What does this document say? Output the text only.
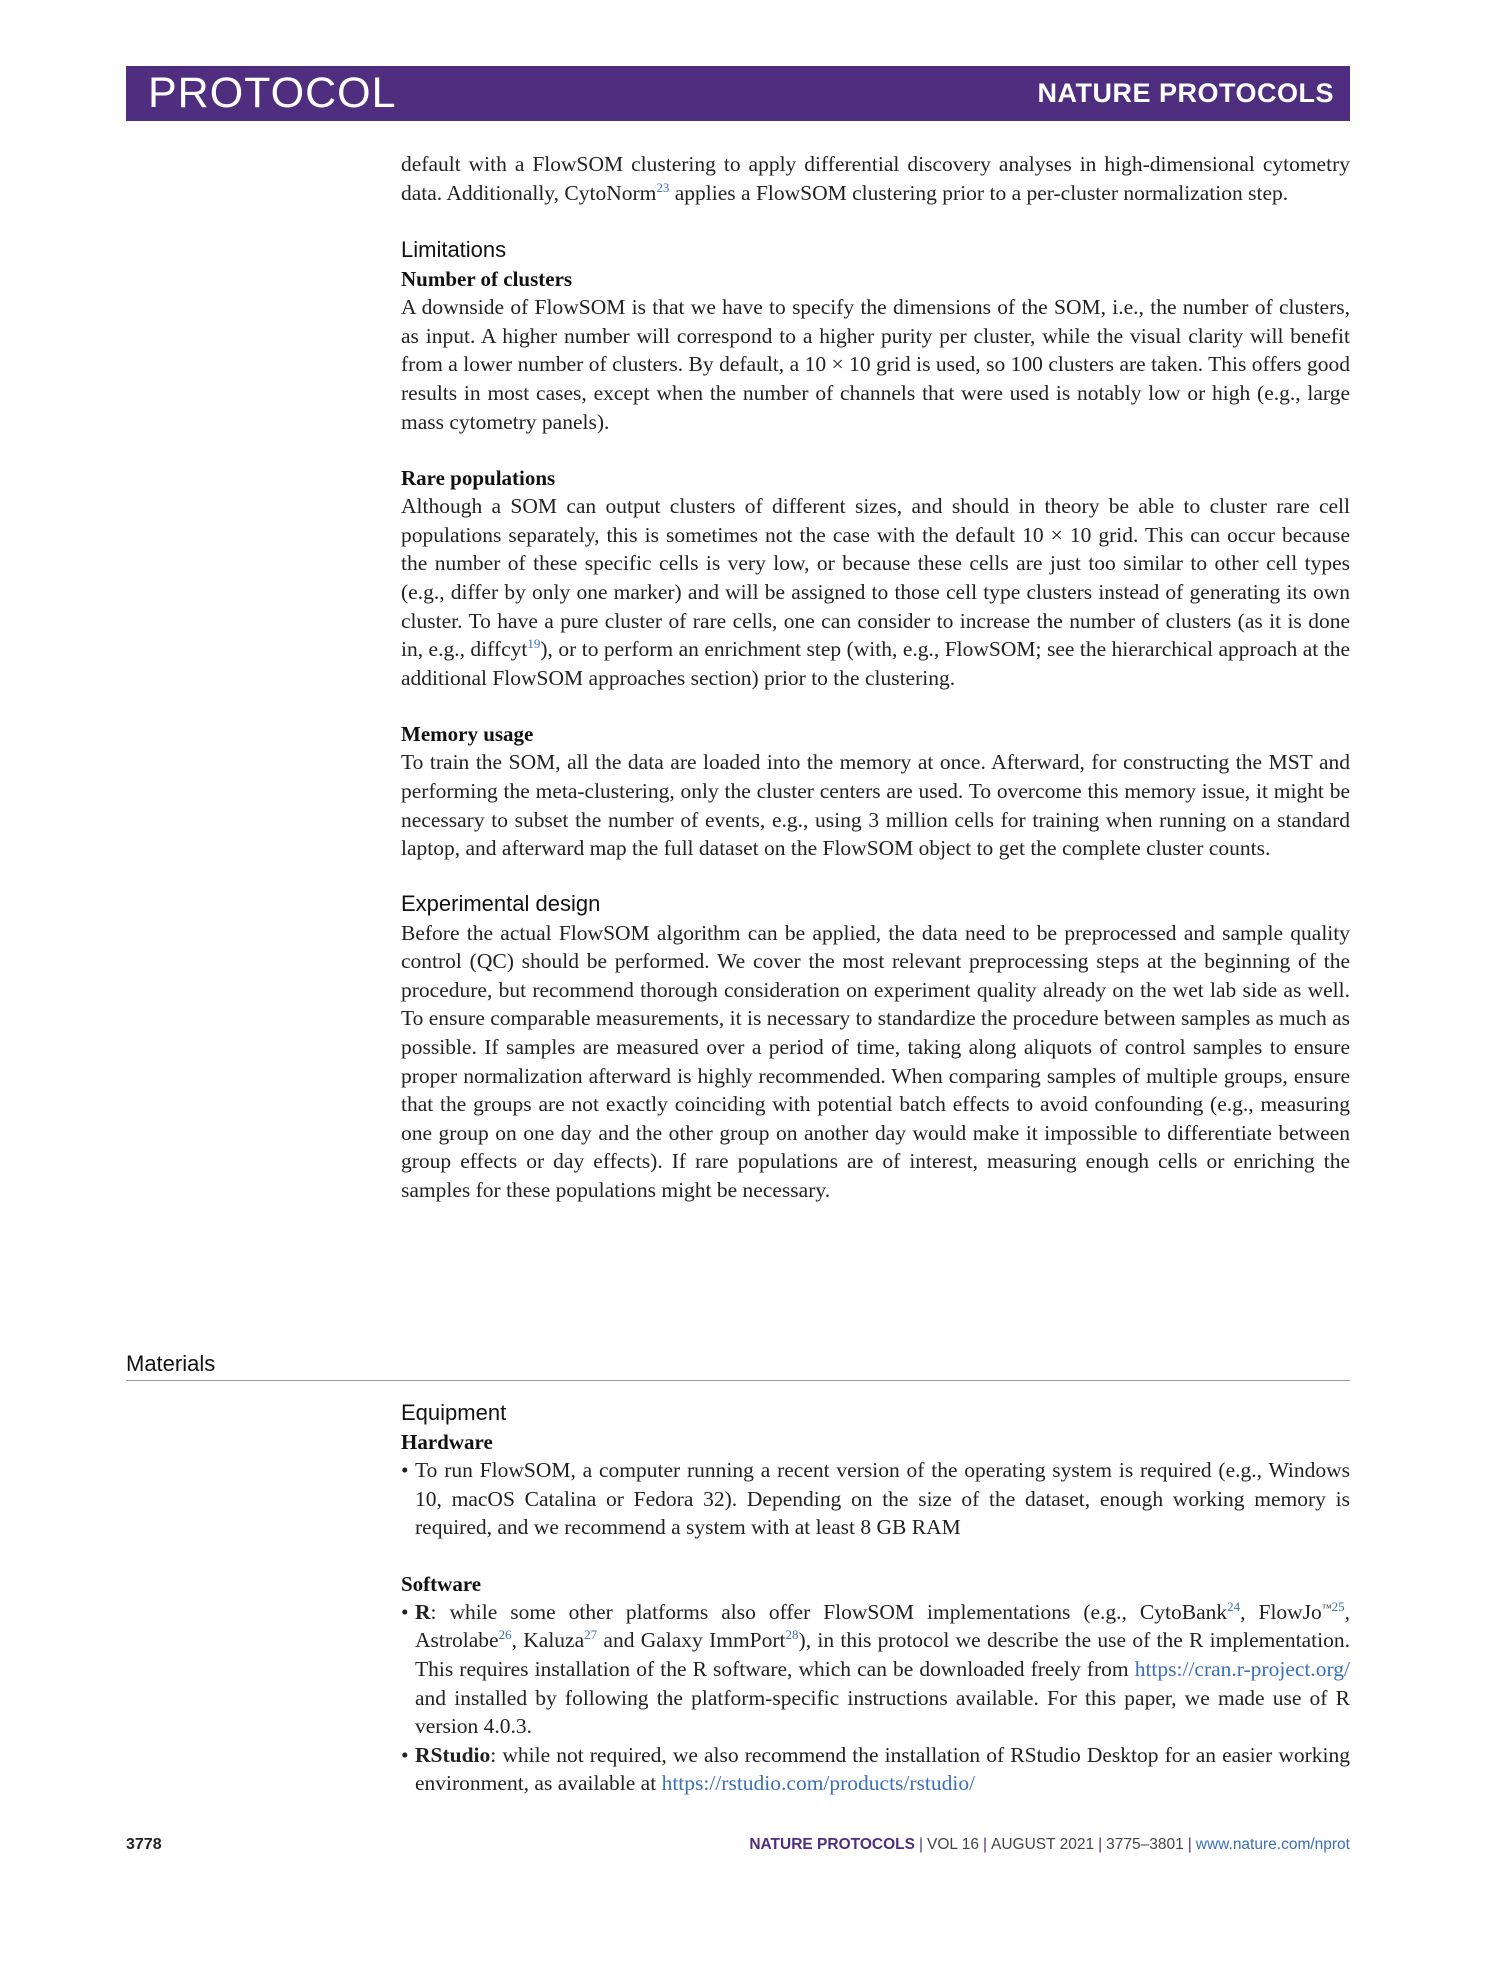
PROTOCOL	NATURE PROTOCOLS

default with a FlowSOM clustering to apply differential discovery analyses in high-dimensional cytometry data. Additionally, CytoNorm$^{23}$ applies a FlowSOM clustering prior to a per-cluster normalization step.

Limitations

Number of clusters

A downside of FlowSOM is that we have to specify the dimensions of the SOM, i.e., the number of clusters, as input. A higher number will correspond to a higher purity per cluster, while the visual clarity will benefit from a lower number of clusters. By default, a 10 × 10 grid is used, so 100 clusters are taken. This offers good results in most cases, except when the number of channels that were used is notably low or high (e.g., large mass cytometry panels).

Rare populations

Although a SOM can output clusters of different sizes, and should in theory be able to cluster rare cell populations separately, this is sometimes not the case with the default 10 × 10 grid. This can occur because the number of these specific cells is very low, or because these cells are just too similar to other cell types (e.g., differ by only one marker) and will be assigned to those cell type clusters instead of generating its own cluster. To have a pure cluster of rare cells, one can consider to increase the number of clusters (as it is done in, e.g., diffcyt$^{19}$), or to perform an enrichment step (with, e.g., FlowSOM; see the hierarchical approach at the additional FlowSOM approaches section) prior to the clustering.

Memory usage

To train the SOM, all the data are loaded into the memory at once. Afterward, for constructing the MST and performing the meta-clustering, only the cluster centers are used. To overcome this memory issue, it might be necessary to subset the number of events, e.g., using 3 million cells for training when running on a standard laptop, and afterward map the full dataset on the FlowSOM object to get the complete cluster counts.

Experimental design

Before the actual FlowSOM algorithm can be applied, the data need to be preprocessed and sample quality control (QC) should be performed. We cover the most relevant preprocessing steps at the beginning of the procedure, but recommend thorough consideration on experiment quality already on the wet lab side as well. To ensure comparable measurements, it is necessary to standardize the procedure between samples as much as possible. If samples are measured over a period of time, taking along aliquots of control samples to ensure proper normalization afterward is highly recommended. When comparing samples of multiple groups, ensure that the groups are not exactly coinciding with potential batch effects to avoid confounding (e.g., measuring one group on one day and the other group on another day would make it impossible to differentiate between group effects or day effects). If rare populations are of interest, measuring enough cells or enriching the samples for these populations might be necessary.

Materials

Equipment

Hardware

• To run FlowSOM, a computer running a recent version of the operating system is required (e.g., Windows 10, macOS Catalina or Fedora 32). Depending on the size of the dataset, enough working memory is required, and we recommend a system with at least 8 GB RAM

Software

• R: while some other platforms also offer FlowSOM implementations (e.g., CytoBank$^{24}$, FlowJo$^{™25}$, Astrolabe$^{26}$, Kaluza$^{27}$ and Galaxy ImmPort$^{28}$), in this protocol we describe the use of the R implementation. This requires installation of the R software, which can be downloaded freely from https://cran.r-project.org/ and installed by following the platform-specific instructions available. For this paper, we made use of R version 4.0.3.

• RStudio: while not required, we also recommend the installation of RStudio Desktop for an easier working environment, as available at https://rstudio.com/products/rstudio/

3778	NATURE PROTOCOLS | VOL 16 | AUGUST 2021 | 3775–3801 | www.nature.com/nprot
